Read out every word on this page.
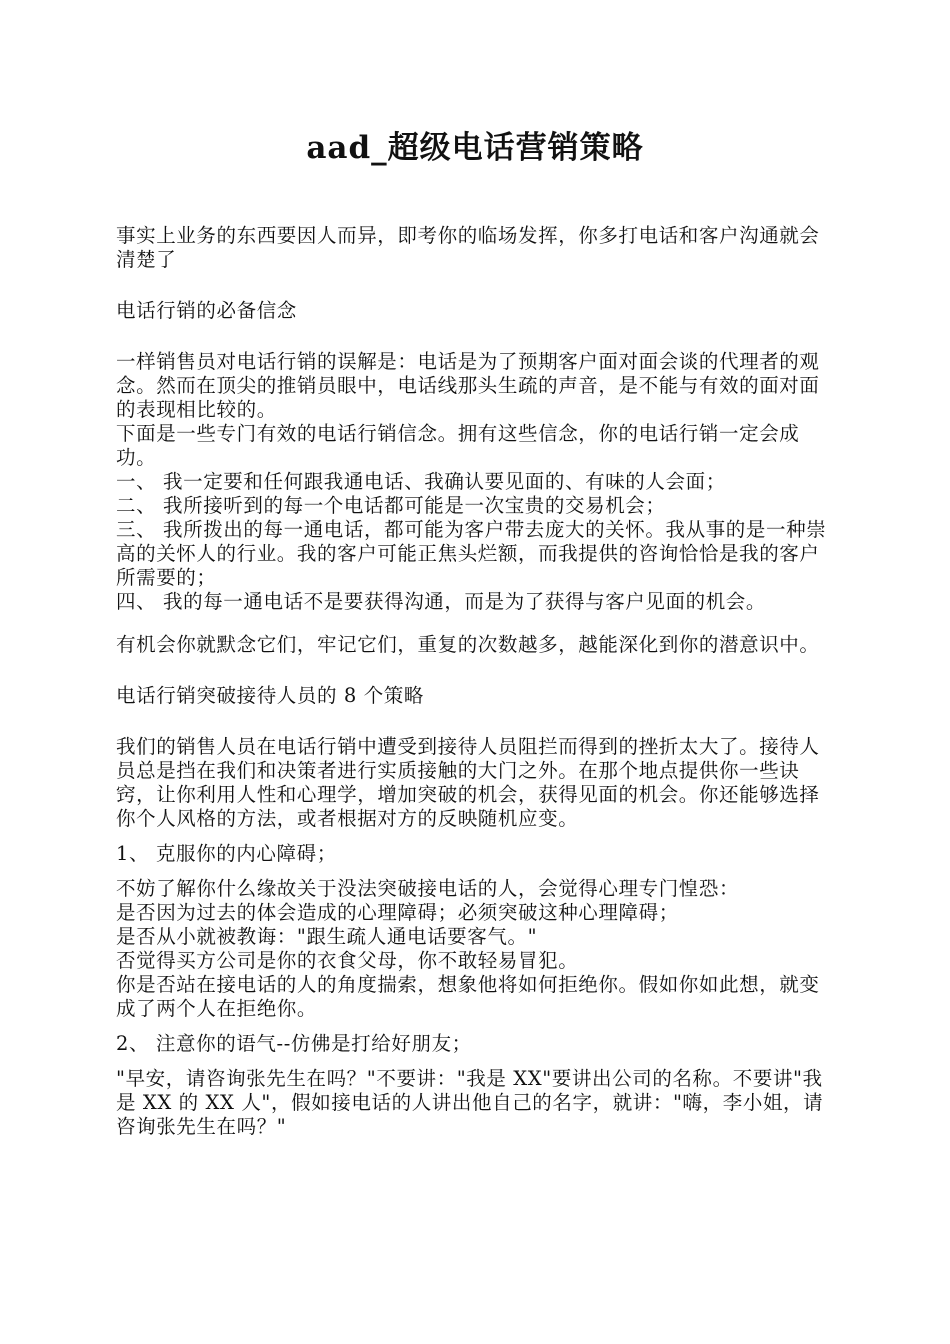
aad_超级电话营销策略

事实上业务的东西要因人而异，即考你的临场发挥，你多打电话和客户沟通就会清楚了

电话行销的必备信念

一样销售员对电话行销的误解是：电话是为了预期客户面对面会谈的代理者的观念。然而在顶尖的推销员眼中，电话线那头生疏的声音，是不能与有效的面对面的表现相比较的。

下面是一些专门有效的电话行销信念。拥有这些信念，你的电话行销一定会成功。

一、 我一定要和任何跟我通电话、我确认要见面的、有味的人会面；

二、 我所接听到的每一个电话都可能是一次宝贵的交易机会；

三、 我所拨出的每一通电话，都可能为客户带去庞大的关怀。我从事的是一种崇高的关怀人的行业。我的客户可能正焦头烂额，而我提供的咨询恰恰是我的客户所需要的；

四、 我的每一通电话不是要获得沟通，而是为了获得与客户见面的机会。

有机会你就默念它们，牢记它们，重复的次数越多，越能深化到你的潜意识中。

电话行销突破接待人员的 8 个策略

我们的销售人员在电话行销中遭受到接待人员阻拦而得到的挫折太大了。接待人员总是挡在我们和决策者进行实质接触的大门之外。在那个地点提供你一些诀窍，让你利用人性和心理学，增加突破的机会，获得见面的机会。你还能够选择你个人风格的方法，或者根据对方的反映随机应变。

1、 克服你的内心障碍；

不妨了解你什么缘故关于没法突破接电话的人，会觉得心理专门惶恐：

是否因为过去的体会造成的心理障碍；必须突破这种心理障碍；

是否从小就被教诲："跟生疏人通电话要客气。"

否觉得买方公司是你的衣食父母，你不敢轻易冒犯。

你是否站在接电话的人的角度揣索，想象他将如何拒绝你。假如你如此想，就变成了两个人在拒绝你。

2、 注意你的语气--仿佛是打给好朋友；

"早安，请咨询张先生在吗？"不要讲："我是 XX"要讲出公司的名称。不要讲"我是 XX 的 XX 人"，假如接电话的人讲出他自己的名字，就讲："嗨，李小姐，请咨询张先生在吗？"
